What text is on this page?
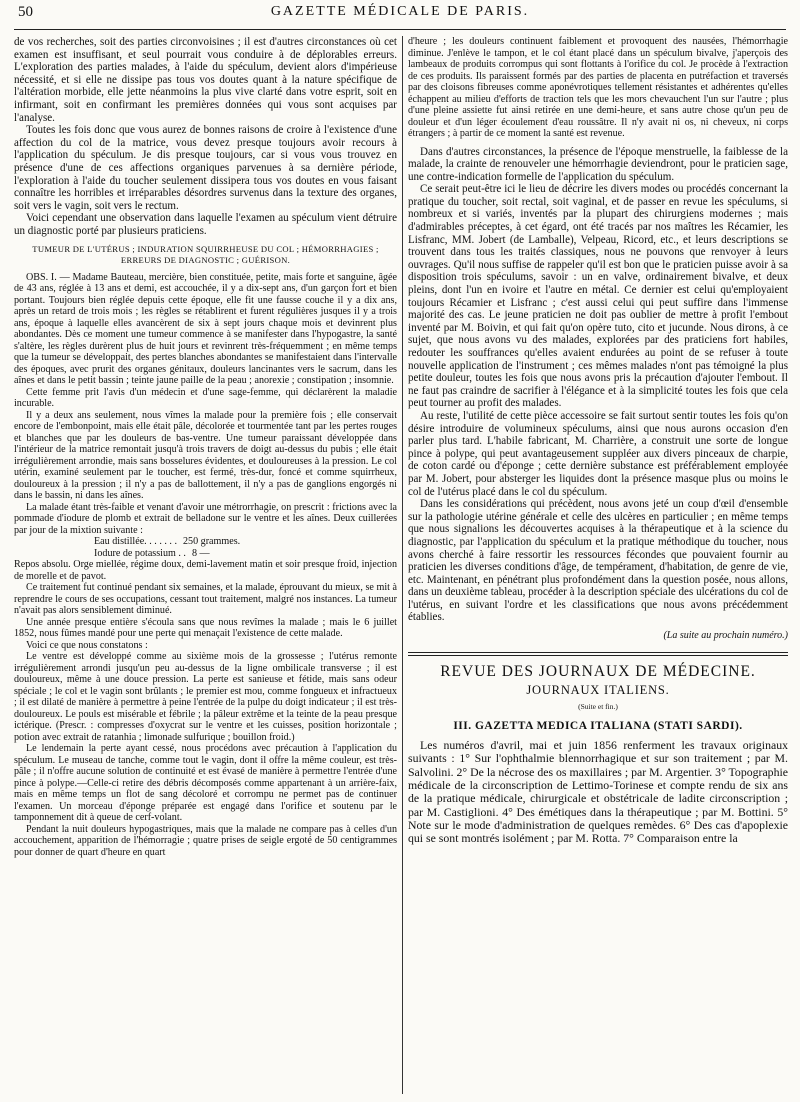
50	GAZETTE MÉDICALE DE PARIS.

de vos recherches, soit des parties circonvoisines ; il est d'autres circonstances où cet examen est insuffisant, et seul pourrait vous conduire à de déplorables erreurs. L'exploration des parties malades, à l'aide du spéculum, devient alors d'impérieuse nécessité, et si elle ne dissipe pas tous vos doutes quant à la nature spécifique de l'altération morbide, elle jette néanmoins la plus vive clarté dans votre esprit, soit en infirmant, soit en confirmant les premières données qui vous sont acquises par l'analyse.

Toutes les fois donc que vous aurez de bonnes raisons de croire à l'existence d'une affection du col de la matrice, vous devez presque toujours avoir recours à l'application du spéculum. Je dis presque toujours, car si vous vous trouvez en présence d'une de ces affections organiques parvenues à sa dernière période, l'exploration à l'aide du toucher seulement dissipera tous vos doutes en vous faisant connaître les horribles et irréparables désordres survenus dans la texture des organes, soit vers le vagin, soit vers le rectum.

Voici cependant une observation dans laquelle l'examen au spéculum vient détruire un diagnostic porté par plusieurs praticiens.

TUMEUR DE L'UTÉRUS ; INDURATION SQUIRRHEUSE DU COL ; HÉMORRHAGIES ; ERREURS DE DIAGNOSTIC ; GUÉRISON.

OBS. I. — Madame Bauteau, mercière, bien constituée, petite, mais forte et sanguine, âgée de 43 ans, réglée à 13 ans et demi, est accouchée, il y a dix-sept ans, d'un garçon fort et bien portant. Toujours bien réglée depuis cette époque, elle fit une fausse couche il y a dix ans, après un retard de trois mois ; les règles se rétablirent et furent régulières jusques il y a trois ans, époque à laquelle elles avancèrent de six à sept jours chaque mois et devinrent plus abondantes. Dès ce moment une tumeur commence à se manifester dans l'hypogastre, la santé s'altère, les règles durèrent plus de huit jours et revinrent très-fréquemment ; en même temps que la tumeur se développait, des pertes blanches abondantes se manifestaient dans l'intervalle des époques, avec prurit des organes génitaux, douleurs lancinantes vers le sacrum, dans les aînes et dans le petit bassin ; teinte jaune paille de la peau ; anorexie ; constipation ; insomnie.

Cette femme prit l'avis d'un médecin et d'une sage-femme, qui déclarèrent la maladie incurable.

Il y a deux ans seulement, nous vîmes la malade pour la première fois ; elle conservait encore de l'embonpoint, mais elle était pâle, décolorée et tourmentée tant par les pertes rouges et blanches que par les douleurs de bas-ventre. Une tumeur paraissant développée dans l'intérieur de la matrice remontait jusqu'à trois travers de doigt au-dessus du pubis ; elle était irrégulièrement arrondie, mais sans bosselures évidentes, et douloureuses à la pression. Le col utérin, examiné seulement par le toucher, est fermé, très-dur, foncé et comme squirrheux, douloureux à la pression ; il n'y a pas de ballottement, il n'y a pas de ganglions engorgés ni dans le bassin, ni dans les aînes.

La malade étant très-faible et venant d'avoir une métrorrhagie, on prescrit : frictions avec la pommade d'iodure de plomb et extrait de belladone sur le ventre et les aînes. Deux cuillerées par jour de la mixtion suivante :

Eau distillée. . . . . . . 250 grammes.

Iodure de potassium . . 8 —

Repos absolu. Orge miellée, régime doux, demi-lavement matin et soir presque froid, injection de morelle et de pavot.

Ce traitement fut continué pendant six semaines, et la malade, éprouvant du mieux, se mit à reprendre le cours de ses occupations, cessant tout traitement, malgré nos instances. La tumeur n'avait pas alors sensiblement diminué.

Une année presque entière s'écoula sans que nous revîmes la malade ; mais le 6 juillet 1852, nous fûmes mandé pour une perte qui menaçait l'existence de cette malade.

Voici ce que nous constatons :

Le ventre est développé comme au sixième mois de la grossesse ; l'utérus remonte irrégulièrement arrondi jusqu'un peu au-dessus de la ligne ombilicale transverse ; il est douloureux, même à une douce pression. La perte est sanieuse et fétide, mais sans odeur spéciale ; le col et le vagin sont brûlants ; le premier est mou, comme fongueux et infractueux ; il est dilaté de manière à permettre à peine l'entrée de la pulpe du doigt indicateur ; il est très-douloureux. Le pouls est misérable et fébrile ; la pâleur extrême et la teinte de la peau presque ictérique. (Prescr. : compresses d'oxycrat sur le ventre et les cuisses, position horizontale ; potion avec extrait de ratanhia ; limonade sulfurique ; bouillon froid.)

Le lendemain la perte ayant cessé, nous procédons avec précaution à l'application du spéculum. Le museau de tanche, comme tout le vagin, dont il offre la même couleur, est très-pâle ; il n'offre aucune solution de continuité et est évasé de manière à permettre l'entrée d'une pince à polype.—Celle-ci retire des débris décomposés comme appartenant à un arrière-faix, mais en même temps un flot de sang décoloré et corrompu ne permet pas de continuer l'examen. Un morceau d'éponge préparée est engagé dans l'orifice et soutenu par le tamponnement dit à queue de cerf-volant.

Pendant la nuit douleurs hypogastriques, mais que la malade ne compare pas à celles d'un accouchement, apparition de l'hémorragie ; quatre prises de seigle ergoté de 50 centigrammes pour donner de quart d'heure en quart

d'heure ; les douleurs continuent faiblement et provoquent des nausées, l'hémorrhagie diminue. J'enlève le tampon, et le col étant placé dans un spéculum bivalve, j'aperçois des lambeaux de produits corrompus qui sont flottants à l'orifice du col. Je procède à l'extraction de ces produits. Ils paraissent formés par des parties de placenta en putréfaction et traversés par des cloisons fibreuses comme aponévrotiques tellement résistantes et adhérentes qu'elles échappent au milieu d'efforts de traction tels que les mors chevauchent l'un sur l'autre ; plus d'une pleine assiette fut ainsi retirée en une demi-heure, et sans autre chose qu'un peu de douleur et d'un léger écoulement d'eau roussâtre. Il n'y avait ni os, ni cheveux, ni corps étrangers ; à partir de ce moment la santé est revenue.

Dans d'autres circonstances, la présence de l'époque menstruelle, la faiblesse de la malade, la crainte de renouveler une hémorrhagie deviendront, pour le praticien sage, une contre-indication formelle de l'application du spéculum.

Ce serait peut-être ici le lieu de décrire les divers modes ou procédés concernant la pratique du toucher, soit rectal, soit vaginal, et de passer en revue les spéculums, si nombreux et si variés, inventés par la plupart des chirurgiens modernes ; mais d'admirables préceptes, à cet égard, ont été tracés par nos maîtres les Récamier, les Lisfranc, MM. Jobert (de Lamballe), Velpeau, Ricord, etc., et leurs descriptions se trouvent dans tous les traités classiques, nous ne pouvons que renvoyer à leurs ouvrages. Qu'il nous suffise de rappeler qu'il est bon que le praticien puisse avoir à sa disposition trois spéculums, savoir : un en valve, ordinairement bivalve, et deux pleins, dont l'un en ivoire et l'autre en métal. Ce dernier est celui qu'employaient toujours Récamier et Lisfranc ; c'est aussi celui qui peut suffire dans l'immense majorité des cas. Le jeune praticien ne doit pas oublier de mettre à profit l'embout inventé par M. Boivin, et qui fait qu'on opère tuto, cito et jucunde. Nous dirons, à ce sujet, que nous avons vu des malades, explorées par des praticiens fort habiles, redouter les souffrances qu'elles avaient endurées au point de se refuser à toute nouvelle application de l'instrument ; ces mêmes malades n'ont pas témoigné la plus petite douleur, toutes les fois que nous avons pris la précaution d'ajouter l'embout. Il ne faut pas craindre de sacrifier à l'élégance et à la simplicité toutes les fois que cela peut tourner au profit des malades.

Au reste, l'utilité de cette pièce accessoire se fait surtout sentir toutes les fois qu'on désire introduire de volumineux spéculums, ainsi que nous aurons occasion d'en parler plus tard. L'habile fabricant, M. Charrière, a construit une sorte de longue pince à polype, qui peut avantageusement suppléer aux divers pinceaux de charpie, de coton cardé ou d'éponge ; cette dernière substance est préférablement employée par M. Jobert, pour absterger les liquides dont la présence masque plus ou moins le col de l'utérus placé dans le col du spéculum.

Dans les considérations qui précèdent, nous avons jeté un coup d'œil d'ensemble sur la pathologie utérine générale et celle des ulcères en particulier ; en même temps que nous signalions les découvertes acquises à la thérapeutique et à la science du diagnostic, par l'application du spéculum et la pratique méthodique du toucher, nous avons cherché à faire ressortir les ressources fécondes que pouvaient fournir au praticien les diverses conditions d'âge, de tempérament, d'habitation, de genre de vie, etc. Maintenant, en pénétrant plus profondément dans la question posée, nous allons, dans un deuxième tableau, procéder à la description spéciale des ulcérations du col de l'utérus, en suivant l'ordre et les classifications que nous avons précédemment établies.

(La suite au prochain numéro.)

REVUE DES JOURNAUX DE MÉDECINE.

JOURNAUX ITALIENS.

(Suite et fin.)

III. GAZETTA MEDICA ITALIANA (STATI SARDI).

Les numéros d'avril, mai et juin 1856 renferment les travaux originaux suivants : 1° Sur l'ophthalmie blennorrhagique et sur son traitement ; par M. Salvolini. 2° De la nécrose des os maxillaires ; par M. Argentier. 3° Topographie médicale de la circonscription de Lettimo-Torinese et compte rendu de six ans de la pratique médicale, chirurgicale et obstétricale de ladite circonscription ; par M. Castiglioni. 4° Des émétiques dans la thérapeutique ; par M. Bottini. 5° Note sur le mode d'administration de quelques remèdes. 6° Des cas d'apoplexie qui se sont montrés isolément ; par M. Rotta. 7° Comparaison entre la
